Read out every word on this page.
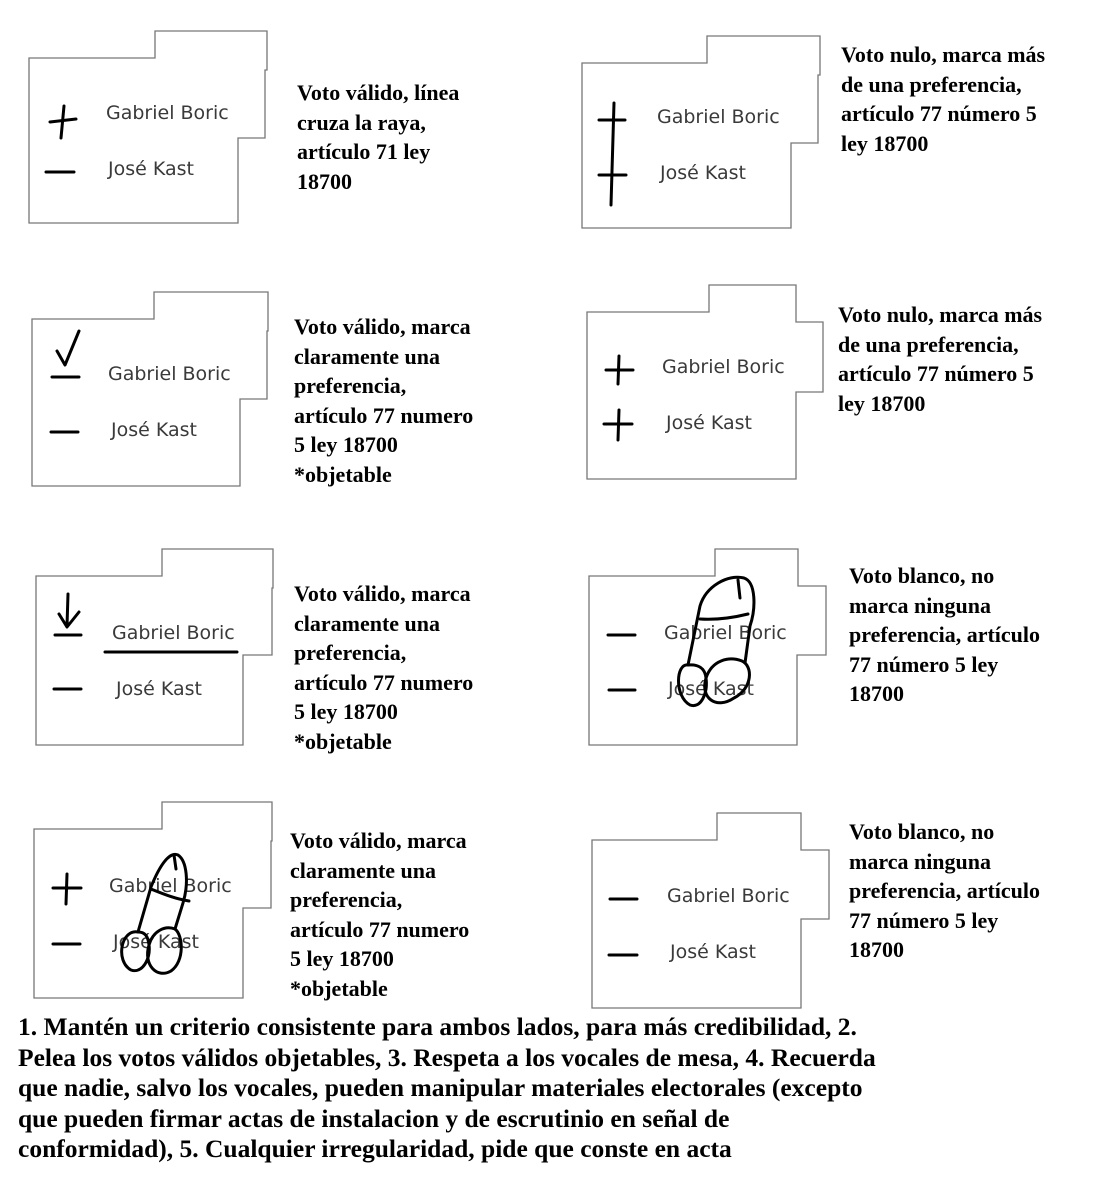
Gabriel Boric
José Kast

Voto válido, línea
cruza la raya,
artículo 71 ley
18700

Gabriel Boric
José Kast

Voto nulo, marca más
de una preferencia,
artículo 77 número 5
ley 18700

Gabriel Boric
José Kast

Voto válido, marca
claramente una
preferencia,
artículo 77 numero
5 ley 18700
*objetable

Gabriel Boric
José Kast

Voto nulo, marca más
de una preferencia,
artículo 77 número 5
ley 18700

Gabriel Boric
José Kast

Voto válido, marca
claramente una
preferencia,
artículo 77 numero
5 ley 18700
*objetable

Gabriel Boric
José Kast

Voto blanco, no
marca ninguna
preferencia, artículo
77 número 5 ley
18700

Gabriel Boric
José Kast

Voto válido, marca
claramente una
preferencia,
artículo 77 numero
5 ley 18700
*objetable

Gabriel Boric
José Kast

Voto blanco, no
marca ninguna
preferencia, artículo
77 número 5 ley
18700

1. Mantén un criterio consistente para ambos lados, para más credibilidad, 2.
Pelea los votos válidos objetables, 3. Respeta a los vocales de mesa, 4. Recuerda
que nadie, salvo los vocales, pueden manipular materiales electorales (excepto
que pueden firmar actas de instalacion y de escrutinio en señal de
conformidad), 5. Cualquier irregularidad, pide que conste en acta
